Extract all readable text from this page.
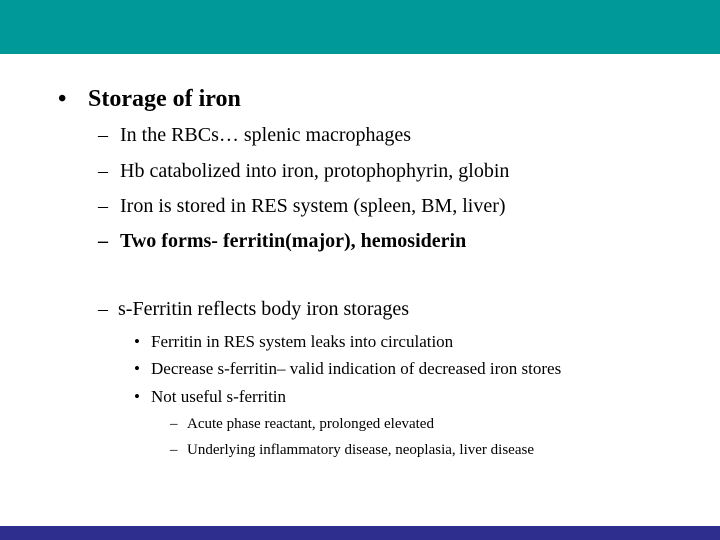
• Storage of iron
– In the RBCs… splenic macrophages
– Hb catabolized into iron, protophophyrin, globin
– Iron is stored in RES system (spleen, BM, liver)
– Two forms- ferritin(major), hemosiderin
– s-Ferritin reflects body iron storages
• Ferritin in RES system leaks into circulation
• Decrease s-ferritin– valid indication of decreased iron stores
• Not useful s-ferritin
– Acute phase reactant, prolonged elevated
– Underlying inflammatory disease, neoplasia, liver disease
